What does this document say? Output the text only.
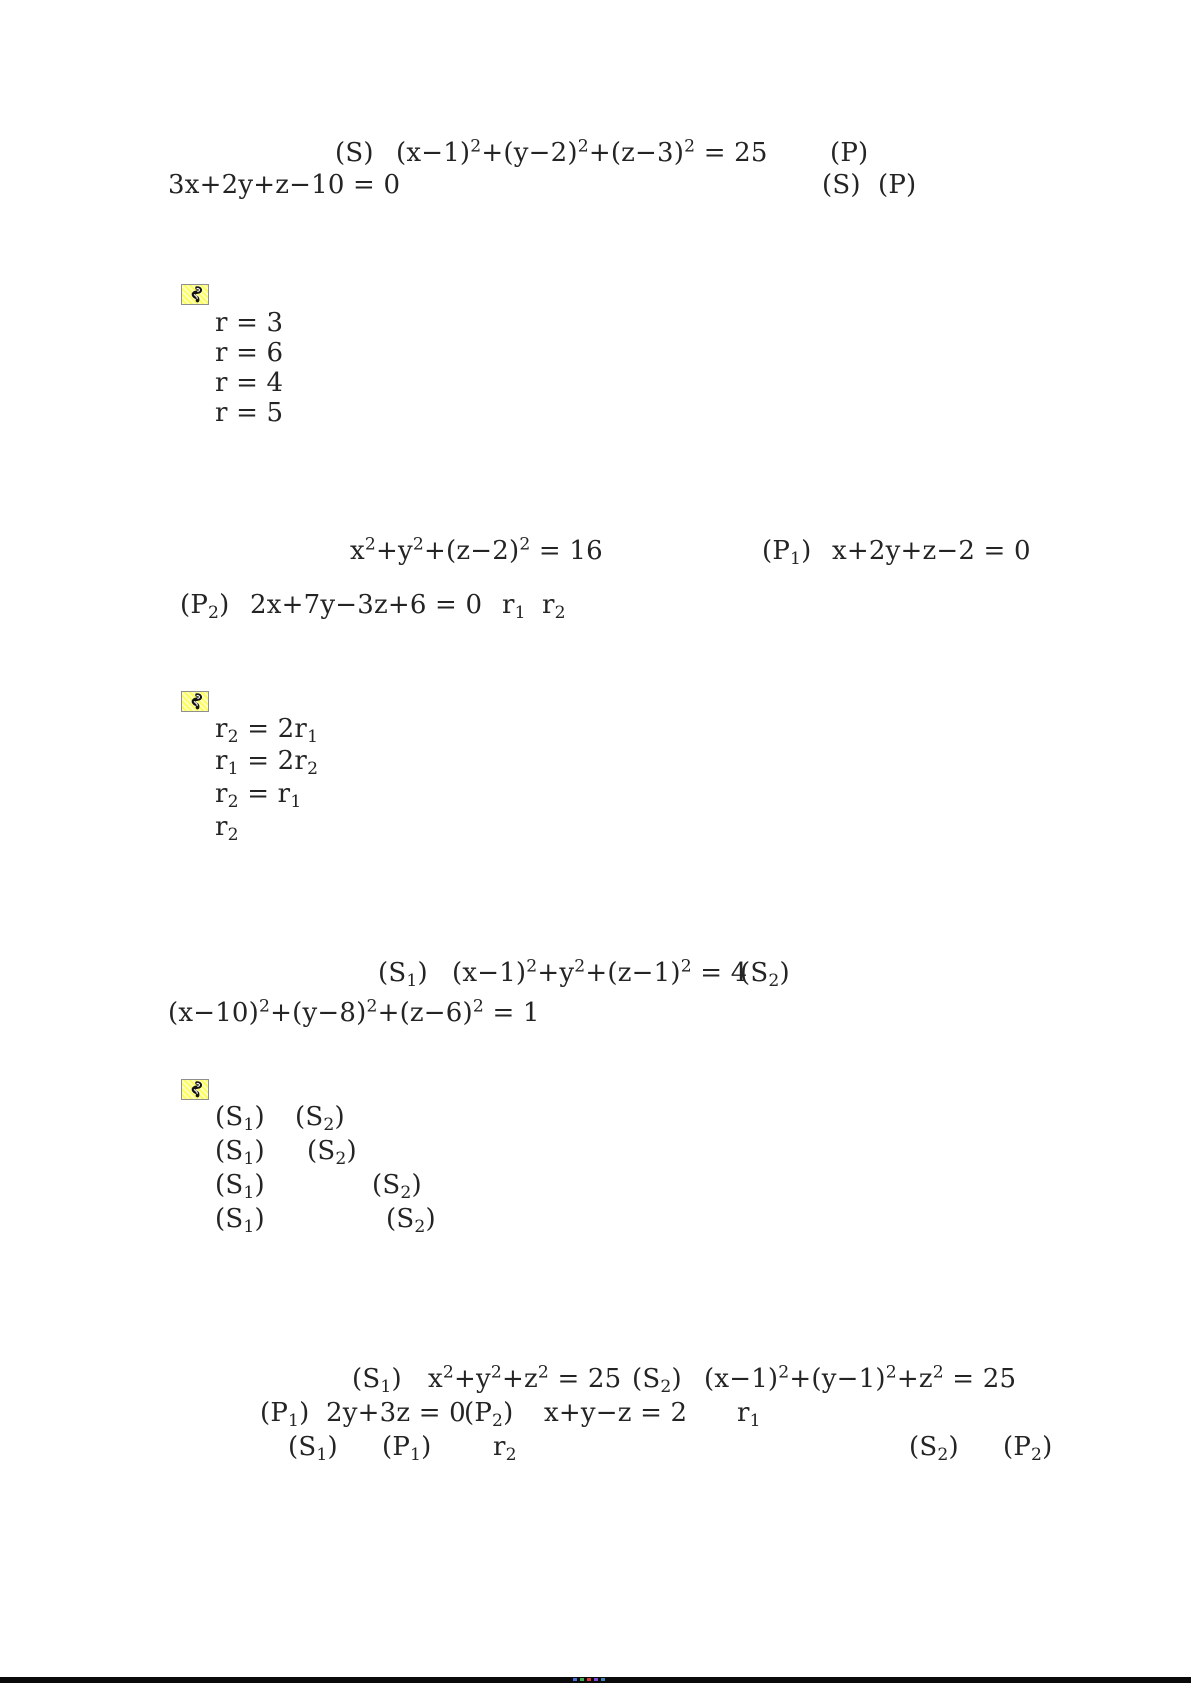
(S) $(x-1)^2+(y-2)^2+(z-3)^2 = 25$ (P)
3x+2y+z−10 = 0	(S) (P)
r = 3
r = 6
r = 4
r = 5
$x^2+y^2+(z-2)^2 = 16$	$(P_1) x+2y+z-2 = 0$
$(P_2) 2x+7y-3z+6 = 0$ $r_1$ $r_2$
$r_2 = 2r_1$
$r_1 = 2r_2$
$r_2 = r_1$
$r_2$
$(S_1) (x-1)^2+y^2+(z-1)^2 = 4$
$(S_2)$
$(x-10)^2+(y-8)^2+(z-6)^2 = 1$
$(S_1)$ $(S_2)$
$(S_1)$ $(S_2)$
$(S_1)$	$(S_2)$
$(S_1)$	$(S_2)$
$(S_1) x^2+y^2+z^2 = 25$ $(S_2) (x-1)^2+(y-1)^2+z^2 = 25$
$(P_1) 2y+3z = 0$
$(P_2) x+y-z = 2$ $r_1$
$(S_1)$ $(P_1)$ $r_2$	$(S_2)$ $(P_2)$
